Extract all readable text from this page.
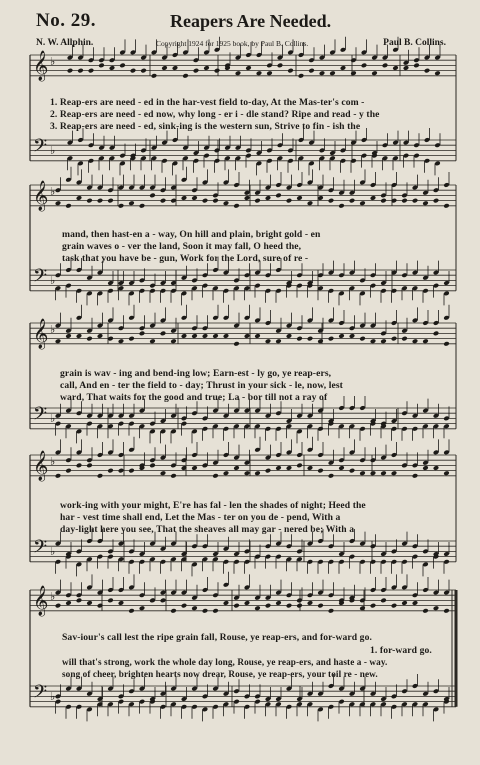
No. 29.	Reapers Are Needed.
N. W. Allphin.	Copyright 1924 for 1925 book, by Paul B. Collins.	Paul B. Collins.
𝄞
𝄢
♭
♭
𝄞
𝄢
♭
♭
𝄞
𝄢
♭
♭
𝄞
𝄢
♭
♭
𝄞
𝄢
♭
♭
1. Reap-ers are need - ed in the har-vest field to-day, At the Mas-ter's com -
2. Reap-ers are need - ed now, why long - er i - dle stand? Ripe and read - y the
3. Reap-ers are need - ed, sink-ing is the western sun, Strive to fin - ish the
mand, then hast-en a - way, On hill and plain, bright gold - en
grain waves o - ver the land, Soon it may fall, O heed the,
task that you have be - gun, Work for the Lord, sure of re -
grain is wav - ing and bend-ing low; Earn-est - ly go, ye reap-ers,
call, And en - ter the field to - day; Thrust in your sick - le, now, lest
ward, That waits for the good and true; La - bor till not a ray of
work-ing with your might, E're has fal - len the shades of night; Heed the
har - vest time shall end, Let the Mas - ter on you de - pend, With a
day-light here you see, That the sheaves all may gar - nered be; With a
Sav-iour's call lest the ripe grain fall, Rouse, ye reap-ers, and for-ward go.
1. for-ward go.
will that's strong, work the whole day long, Rouse, ye reap-ers, and haste a - way.
song of cheer, brighten hearts now drear, Rouse, ye reap-ers, your toil re - new.
